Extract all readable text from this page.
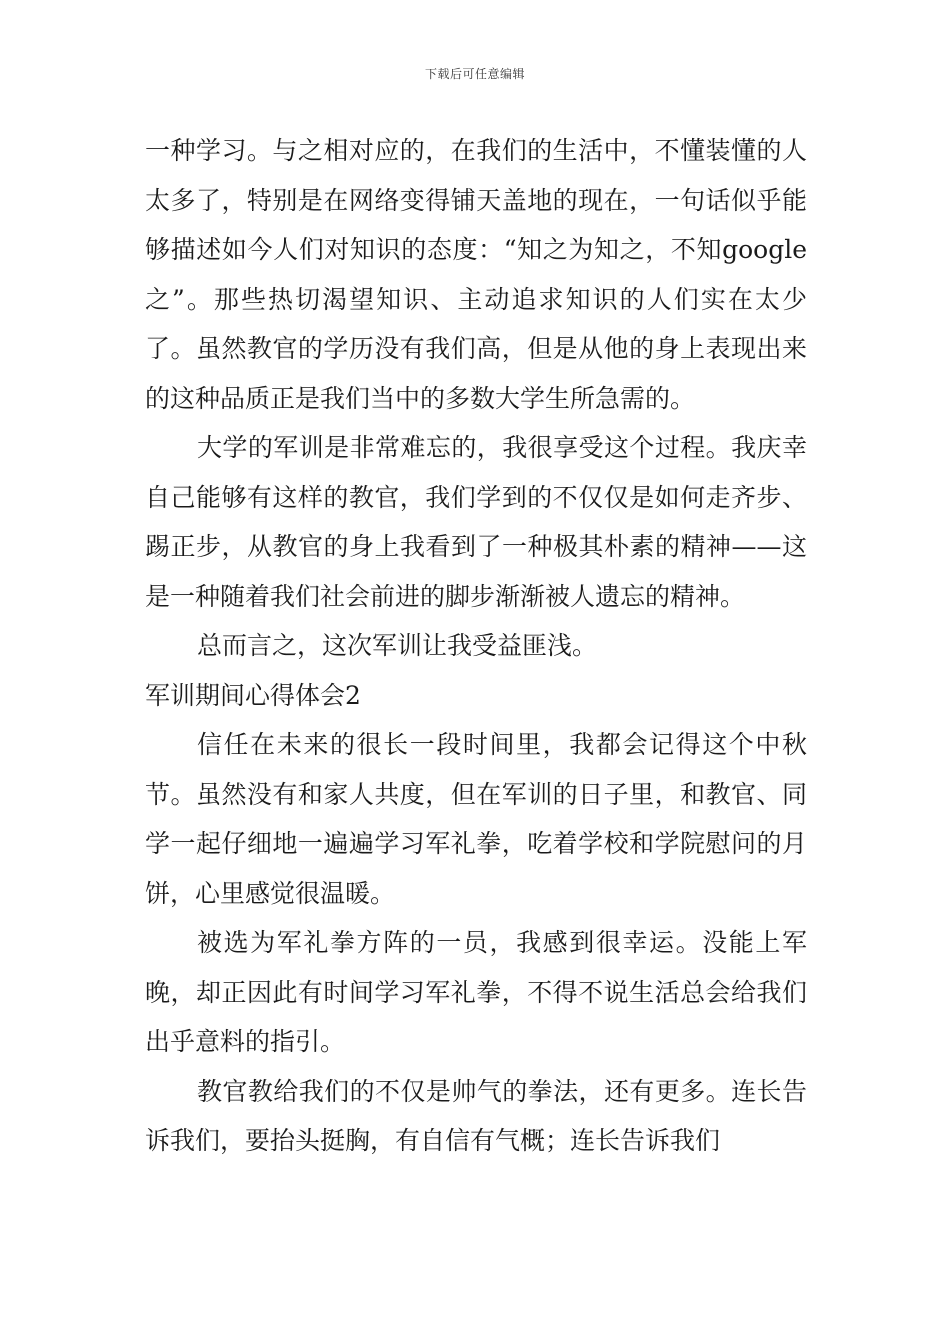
下载后可任意编辑

一种学习。与之相对应的，在我们的生活中，不懂装懂的人太多了，特别是在网络变得铺天盖地的现在，一句话似乎能够描述如今人们对知识的态度：“知之为知之，不知google之”。那些热切渴望知识、主动追求知识的人们实在太少了。虽然教官的学历没有我们高，但是从他的身上表现出来的这种品质正是我们当中的多数大学生所急需的。

大学的军训是非常难忘的，我很享受这个过程。我庆幸自己能够有这样的教官，我们学到的不仅仅是如何走齐步、踢正步，从教官的身上我看到了一种极其朴素的精神——这是一种随着我们社会前进的脚步渐渐被人遗忘的精神。

总而言之，这次军训让我受益匪浅。

军训期间心得体会2

信任在未来的很长一段时间里，我都会记得这个中秋节。虽然没有和家人共度，但在军训的日子里，和教官、同学一起仔细地一遍遍学习军礼拳，吃着学校和学院慰问的月饼，心里感觉很温暖。

被选为军礼拳方阵的一员，我感到很幸运。没能上军晚，却正因此有时间学习军礼拳，不得不说生活总会给我们出乎意料的指引。

教官教给我们的不仅是帅气的拳法，还有更多。连长告诉我们，要抬头挺胸，有自信有气概；连长告诉我们
